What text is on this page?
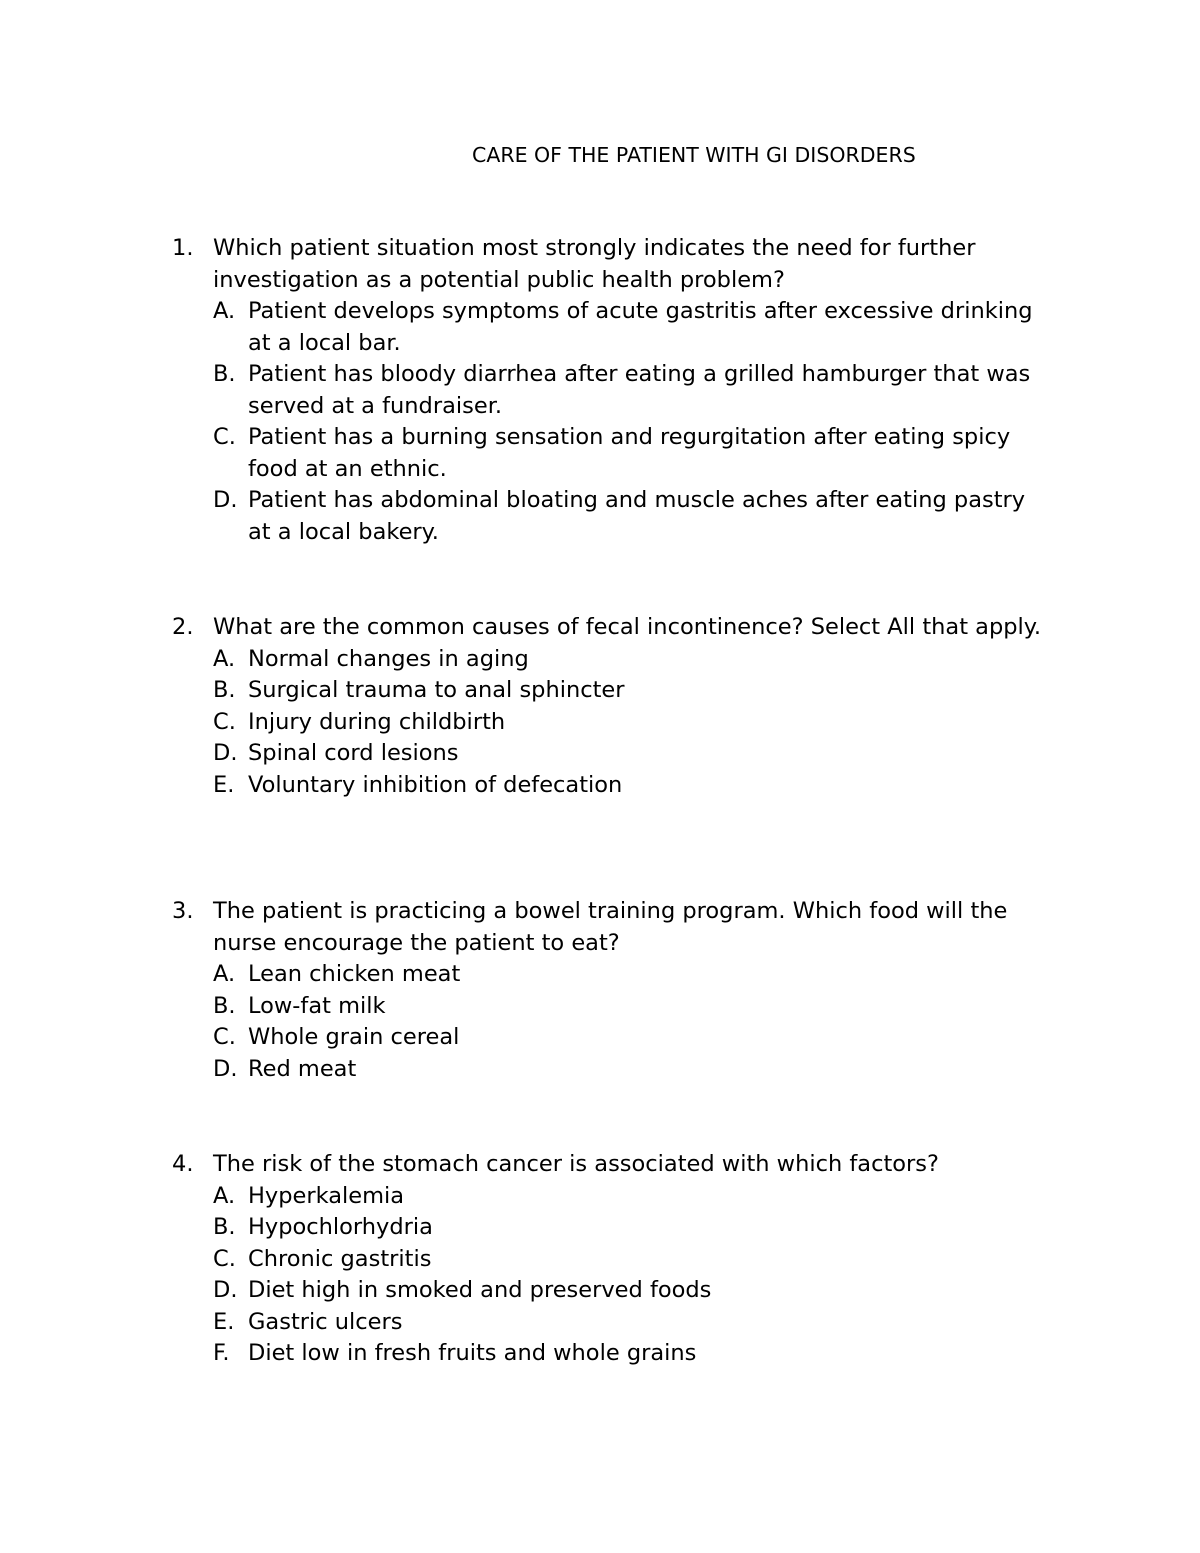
CARE OF THE PATIENT WITH GI DISORDERS
1. Which patient situation most strongly indicates the need for further investigation as a potential public health problem?
A. Patient develops symptoms of acute gastritis after excessive drinking at a local bar.
B. Patient has bloody diarrhea after eating a grilled hamburger that was served at a fundraiser.
C. Patient has a burning sensation and regurgitation after eating spicy food at an ethnic.
D. Patient has abdominal bloating and muscle aches after eating pastry at a local bakery.
2. What are the common causes of fecal incontinence? Select All that apply.
A. Normal changes in aging
B. Surgical trauma to anal sphincter
C. Injury during childbirth
D. Spinal cord lesions
E. Voluntary inhibition of defecation
3. The patient is practicing a bowel training program. Which food will the nurse encourage the patient to eat?
A. Lean chicken meat
B. Low-fat milk
C. Whole grain cereal
D. Red meat
4. The risk of the stomach cancer is associated with which factors?
A. Hyperkalemia
B. Hypochlorhydria
C. Chronic gastritis
D. Diet high in smoked and preserved foods
E. Gastric ulcers
F. Diet low in fresh fruits and whole grains
